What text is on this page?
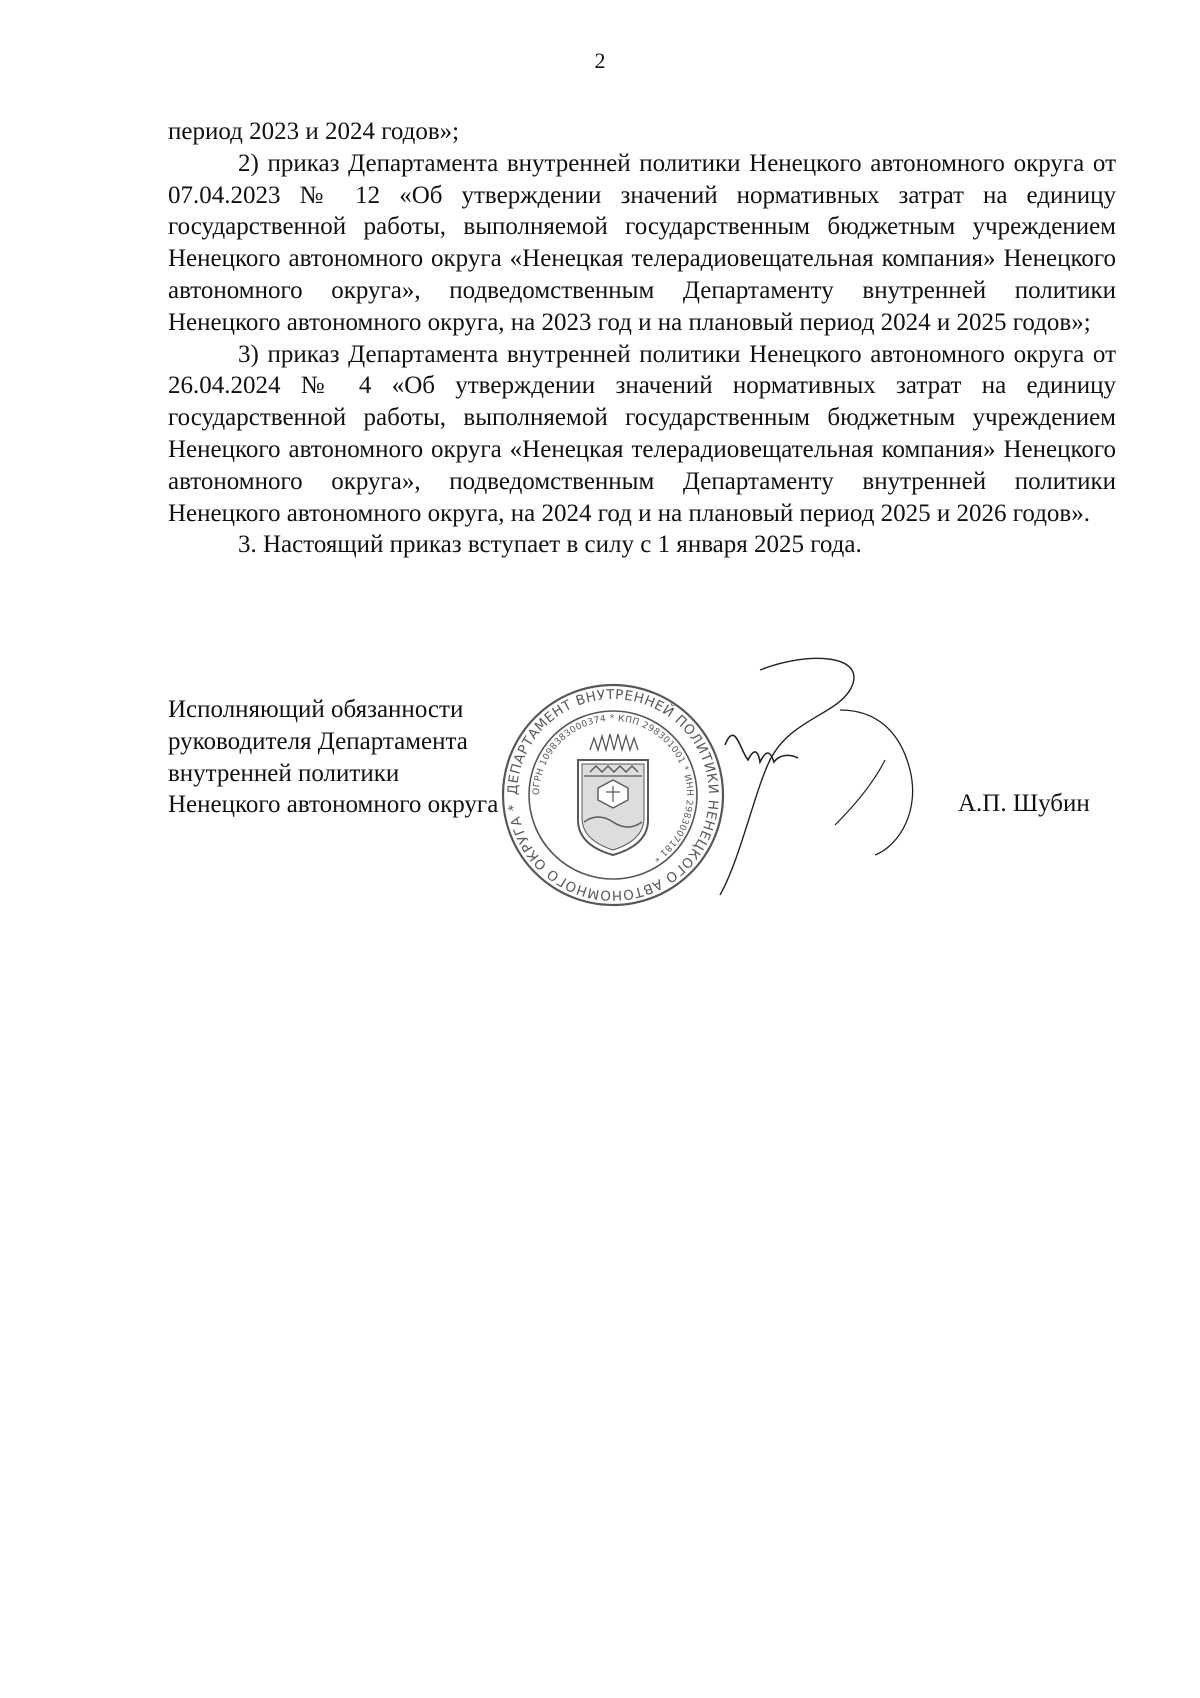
2

период 2023 и 2024 годов»;

2) приказ Департамента внутренней политики Ненецкого автономного округа от 07.04.2023 № 12 «Об утверждении значений нормативных затрат на единицу государственной работы, выполняемой государственным бюджетным учреждением Ненецкого автономного округа «Ненецкая телерадиовещательная компания» Ненецкого автономного округа», подведомственным Департаменту внутренней политики Ненецкого автономного округа, на 2023 год и на плановый период 2024 и 2025 годов»;

3) приказ Департамента внутренней политики Ненецкого автономного округа от 26.04.2024 № 4 «Об утверждении значений нормативных затрат на единицу государственной работы, выполняемой государственным бюджетным учреждением Ненецкого автономного округа «Ненецкая телерадиовещательная компания» Ненецкого автономного округа», подведомственным Департаменту внутренней политики Ненецкого автономного округа, на 2024 год и на плановый период 2025 и 2026 годов».

3. Настоящий приказ вступает в силу с 1 января 2025 года.

Исполняющий обязанности
руководителя Департамента
внутренней политики
Ненецкого автономного округа
ДЕПАРТАМЕНТ ВНУТРЕННЕЙ ПОЛИТИКИ НЕНЕЦКОГО АВТОНОМНОГО ОКРУГА *
ОГРН 1098383000374 * КПП 298301001 * ИНН 2983007181 *
А.П. Шубин
